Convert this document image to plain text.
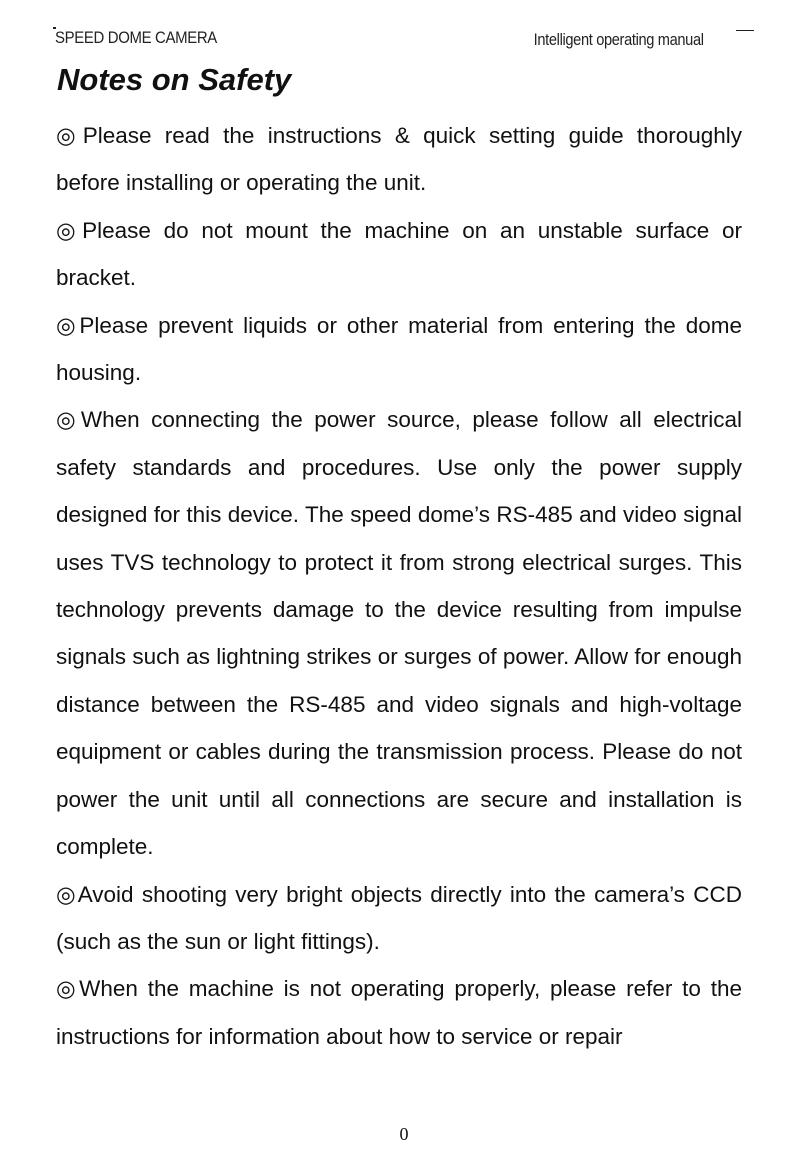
SPEED DOME CAMERA	Intelligent operating manual
Notes on Safety

◎Please read the instructions & quick setting guide thoroughly before installing or operating the unit.

◎Please do not mount the machine on an unstable surface or bracket.

◎Please prevent liquids or other material from entering the dome housing.

◎When connecting the power source, please follow all electrical safety standards and procedures. Use only the power supply designed for this device. The speed dome’s RS-485 and video signal uses TVS technology to protect it from strong electrical surges. This technology prevents damage to the device resulting from impulse signals such as lightning strikes or surges of power. Allow for enough distance between the RS-485 and video signals and high-voltage equipment or cables during the transmission process. Please do not power the unit until all connections are secure and installation is complete.

◎Avoid shooting very bright objects directly into the camera’s CCD (such as the sun or light fittings).

◎When the machine is not operating properly, please refer to the instructions for information about how to service or repair

0
